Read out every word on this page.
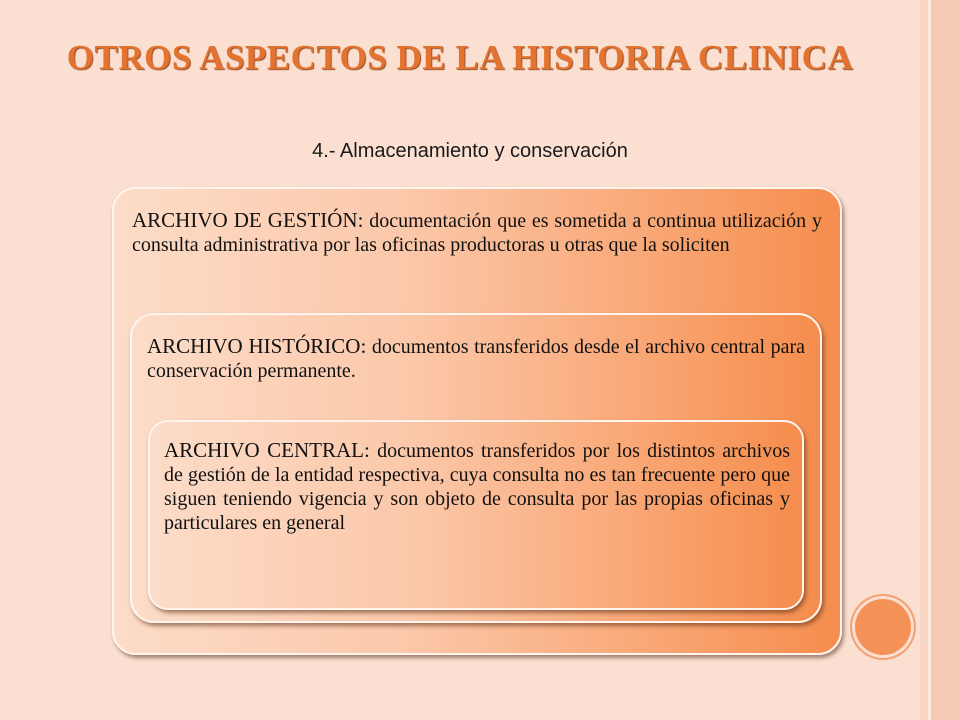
OTROS ASPECTOS DE LA HISTORIA CLINICA
4.- Almacenamiento y conservación
ARCHIVO DE GESTIÓN: documentación que es sometida a continua utilización y consulta administrativa por las oficinas productoras u otras que la soliciten
ARCHIVO HISTÓRICO: documentos transferidos desde el archivo central para conservación permanente.
ARCHIVO CENTRAL: documentos transferidos por los distintos archivos de gestión de la entidad respectiva, cuya consulta no es tan frecuente pero que siguen teniendo vigencia y son objeto de consulta por las propias oficinas y particulares en general
